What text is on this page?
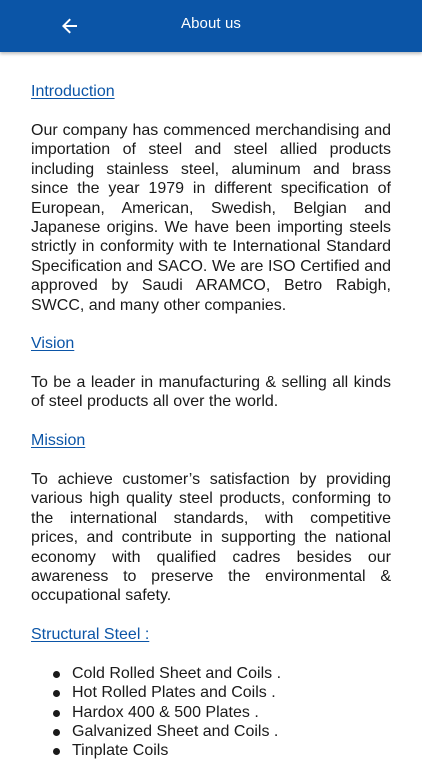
About us
Introduction

Our company has commenced merchandising and importation of steel and steel allied products including stainless steel, aluminum and brass since the year 1979 in different specification of European, American, Swedish, Belgian and Japanese origins. We have been importing steels strictly in conformity with te International Standard Specification and SACO. We are ISO Certified and approved by Saudi ARAMCO, Betro Rabigh, SWCC, and many other companies.

Vision

To be a leader in manufacturing & selling all kinds of steel products all over the world.

Mission

To achieve customer’s satisfaction by providing various high quality steel products, conforming to the international standards, with competitive prices, and contribute in supporting the national economy with qualified cadres besides our awareness to preserve the environmental & occupational safety.

Structural Steel :
Cold Rolled Sheet and Coils .
Hot Rolled Plates and Coils .
Hardox 400 & 500 Plates .
Galvanized Sheet and Coils .
Tinplate Coils
